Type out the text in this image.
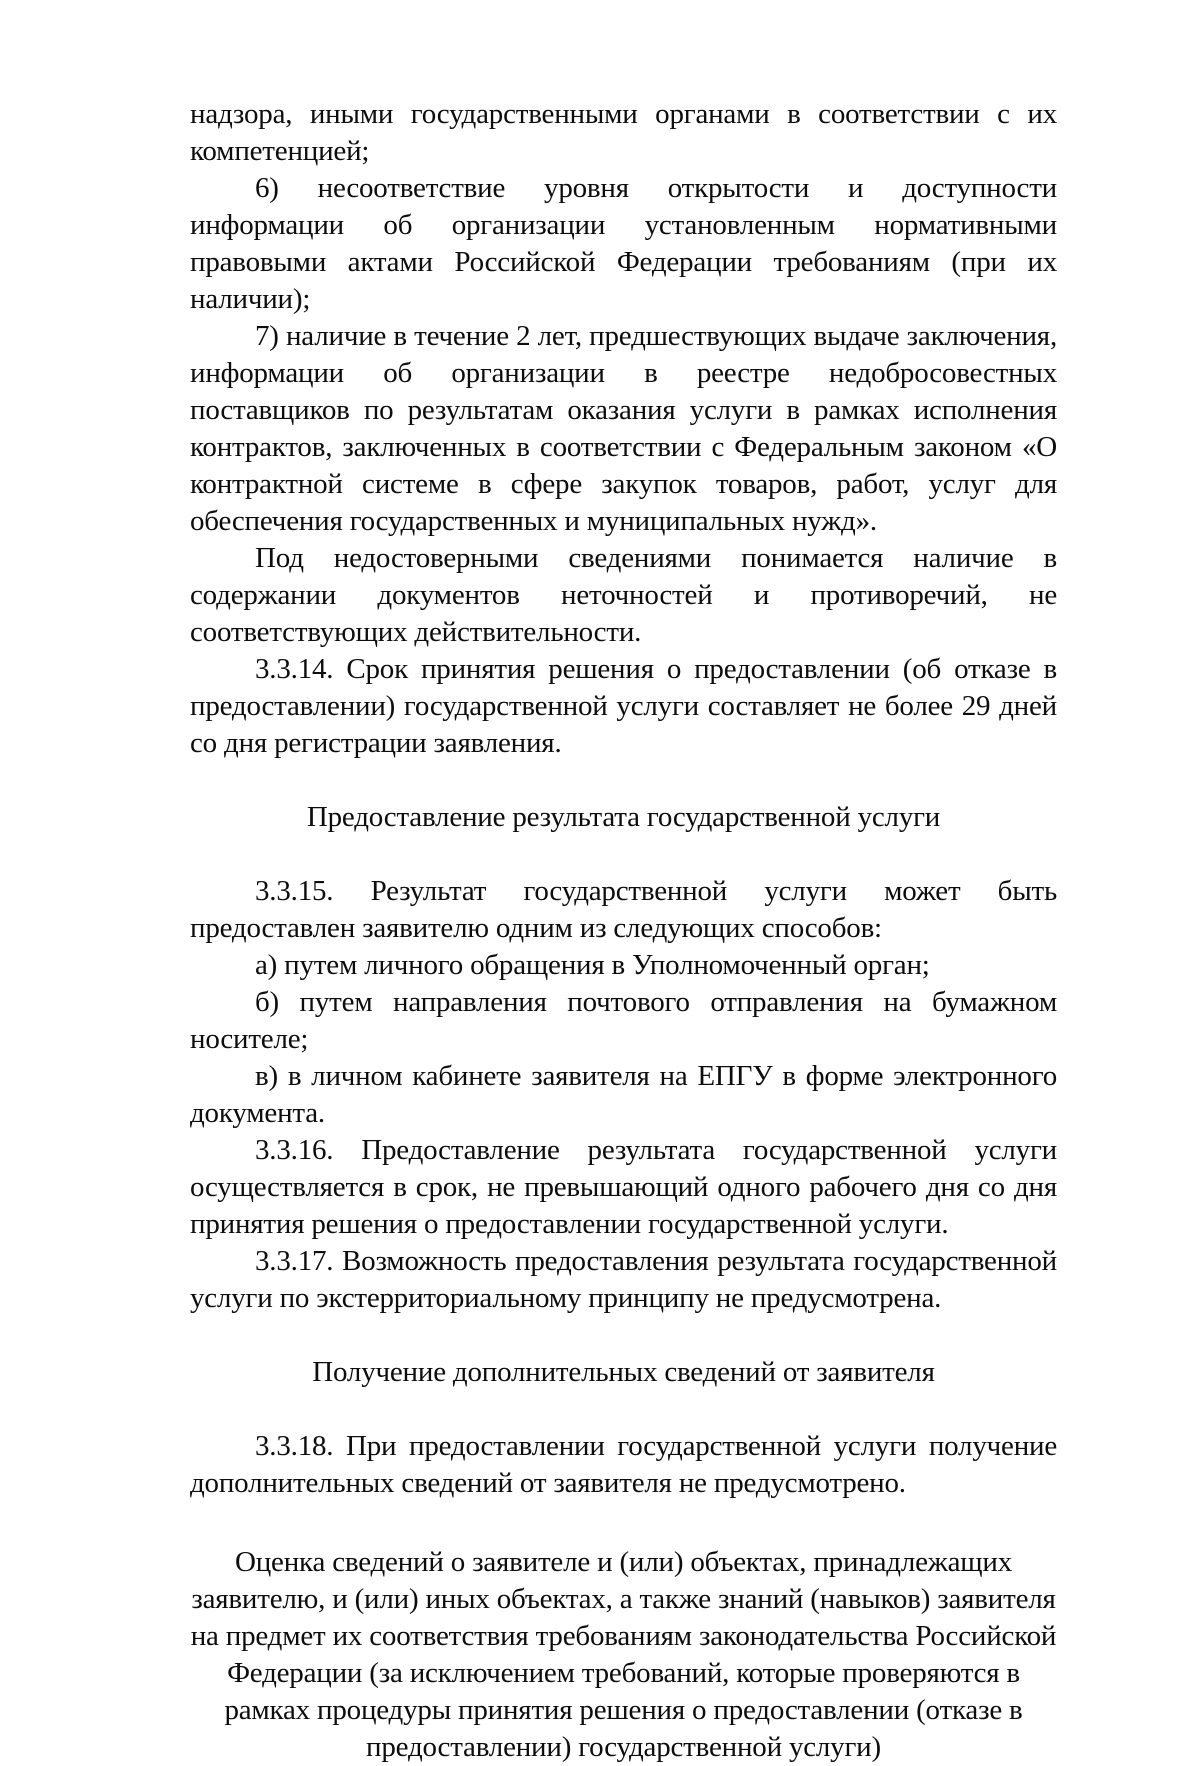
надзора, иными государственными органами в соответствии с их компетенцией;

6) несоответствие уровня открытости и доступности информации об организации установленным нормативными правовыми актами Российской Федерации требованиям (при их наличии);

7) наличие в течение 2 лет, предшествующих выдаче заключения, информации об организации в реестре недобросовестных поставщиков по результатам оказания услуги в рамках исполнения контрактов, заключенных в соответствии с Федеральным законом «О контрактной системе в сфере закупок товаров, работ, услуг для обеспечения государственных и муниципальных нужд».

Под недостоверными сведениями понимается наличие в содержании документов неточностей и противоречий, не соответствующих действительности.

3.3.14. Срок принятия решения о предоставлении (об отказе в предоставлении) государственной услуги составляет не более 29 дней со дня регистрации заявления.

Предоставление результата государственной услуги

3.3.15. Результат государственной услуги может быть предоставлен заявителю одним из следующих способов:

а) путем личного обращения в Уполномоченный орган;

б) путем направления почтового отправления на бумажном носителе;

в) в личном кабинете заявителя на ЕПГУ в форме электронного документа.

3.3.16. Предоставление результата государственной услуги осуществляется в срок, не превышающий одного рабочего дня со дня принятия решения о предоставлении государственной услуги.

3.3.17. Возможность предоставления результата государственной услуги по экстерриториальному принципу не предусмотрена.

Получение дополнительных сведений от заявителя

3.3.18. При предоставлении государственной услуги получение дополнительных сведений от заявителя не предусмотрено.

Оценка сведений о заявителе и (или) объектах, принадлежащих заявителю, и (или) иных объектах, а также знаний (навыков) заявителя на предмет их соответствия требованиям законодательства Российской Федерации (за исключением требований, которые проверяются в рамках процедуры принятия решения о предоставлении (отказе в предоставлении) государственной услуги)
